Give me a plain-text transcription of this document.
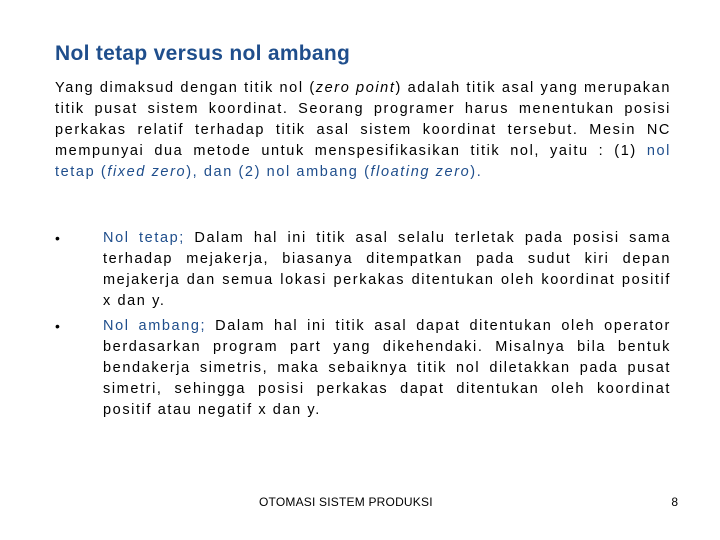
Nol tetap versus nol ambang

Yang dimaksud dengan titik nol (zero point) adalah titik asal yang merupakan titik pusat sistem koordinat. Seorang programer harus menentukan posisi perkakas relatif terhadap titik asal sistem koordinat tersebut. Mesin NC mempunyai dua metode untuk menspesifikasikan titik nol, yaitu : (1) nol tetap (fixed zero), dan (2) nol ambang (floating zero).

•	Nol tetap; Dalam hal ini titik asal selalu terletak pada posisi sama terhadap mejakerja, biasanya ditempatkan pada sudut kiri depan mejakerja dan semua lokasi perkakas ditentukan oleh koordinat positif x dan y.
•	Nol ambang; Dalam hal ini titik asal dapat ditentukan oleh operator berdasarkan program part yang dikehendaki. Misalnya bila bentuk bendakerja simetris, maka sebaiknya titik nol diletakkan pada pusat simetri, sehingga posisi perkakas dapat ditentukan oleh koordinat positif atau negatif x dan y.
OTOMASI SISTEM PRODUKSI	8
